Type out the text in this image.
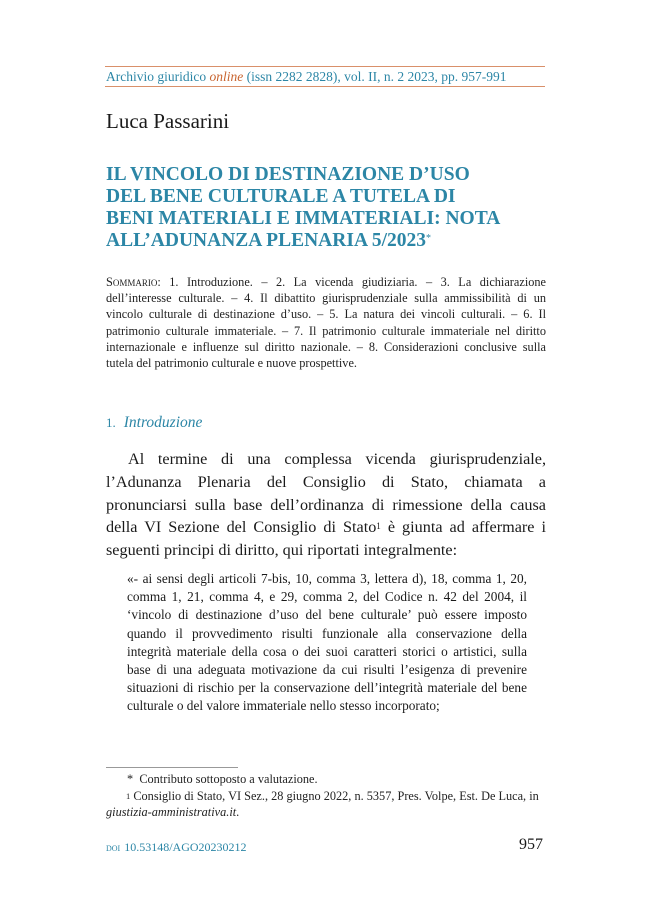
Archivio giuridico online (issn 2282 2828), vol. II, n. 2 2023, pp. 957-991
Luca Passarini
IL VINCOLO DI DESTINAZIONE D’USO
DEL BENE CULTURALE A TUTELA DI
BENI MATERIALI E IMMATERIALI: NOTA
ALL’ADUNANZA PLENARIA 5/2023*
Sommario: 1. Introduzione. – 2. La vicenda giudiziaria. – 3. La dichiarazione dell’interesse culturale. – 4. Il dibattito giurisprudenziale sulla ammissibilità di un vincolo culturale di destinazione d’uso. – 5. La natura dei vincoli culturali. – 6. Il patrimonio culturale immateriale. – 7. Il patrimonio culturale immateriale nel diritto internazionale e influenze sul diritto nazionale. – 8. Considerazioni conclusive sulla tutela del patrimonio culturale e nuove prospettive.
1. Introduzione
Al termine di una complessa vicenda giurisprudenziale, l’Adunanza Plenaria del Consiglio di Stato, chiamata a pronunciarsi sulla base dell’ordinanza di rimessione della causa della VI Sezione del Consiglio di Stato$^1$ è giunta ad affermare i seguenti principi di diritto, qui riportati integralmente:
«- ai sensi degli articoli 7-bis, 10, comma 3, lettera d), 18, comma 1, 20, comma 1, 21, comma 4, e 29, comma 2, del Codice n. 42 del 2004, il ‘vincolo di destinazione d’uso del bene culturale’ può essere imposto quando il provvedimento risulti funzionale alla conservazione della integrità materiale della cosa o dei suoi caratteri storici o artistici, sulla base di una adeguata motivazione da cui risulti l’esigenza di prevenire situazioni di rischio per la conservazione dell’integrità materiale del bene culturale o del valore immateriale nello stesso incorporato;
* Contributo sottoposto a valutazione.
$^1$ Consiglio di Stato, VI Sez., 28 giugno 2022, n. 5357, Pres. Volpe, Est. De Luca, in giustizia-amministrativa.it.
doi 10.53148/AGO20230212	957
